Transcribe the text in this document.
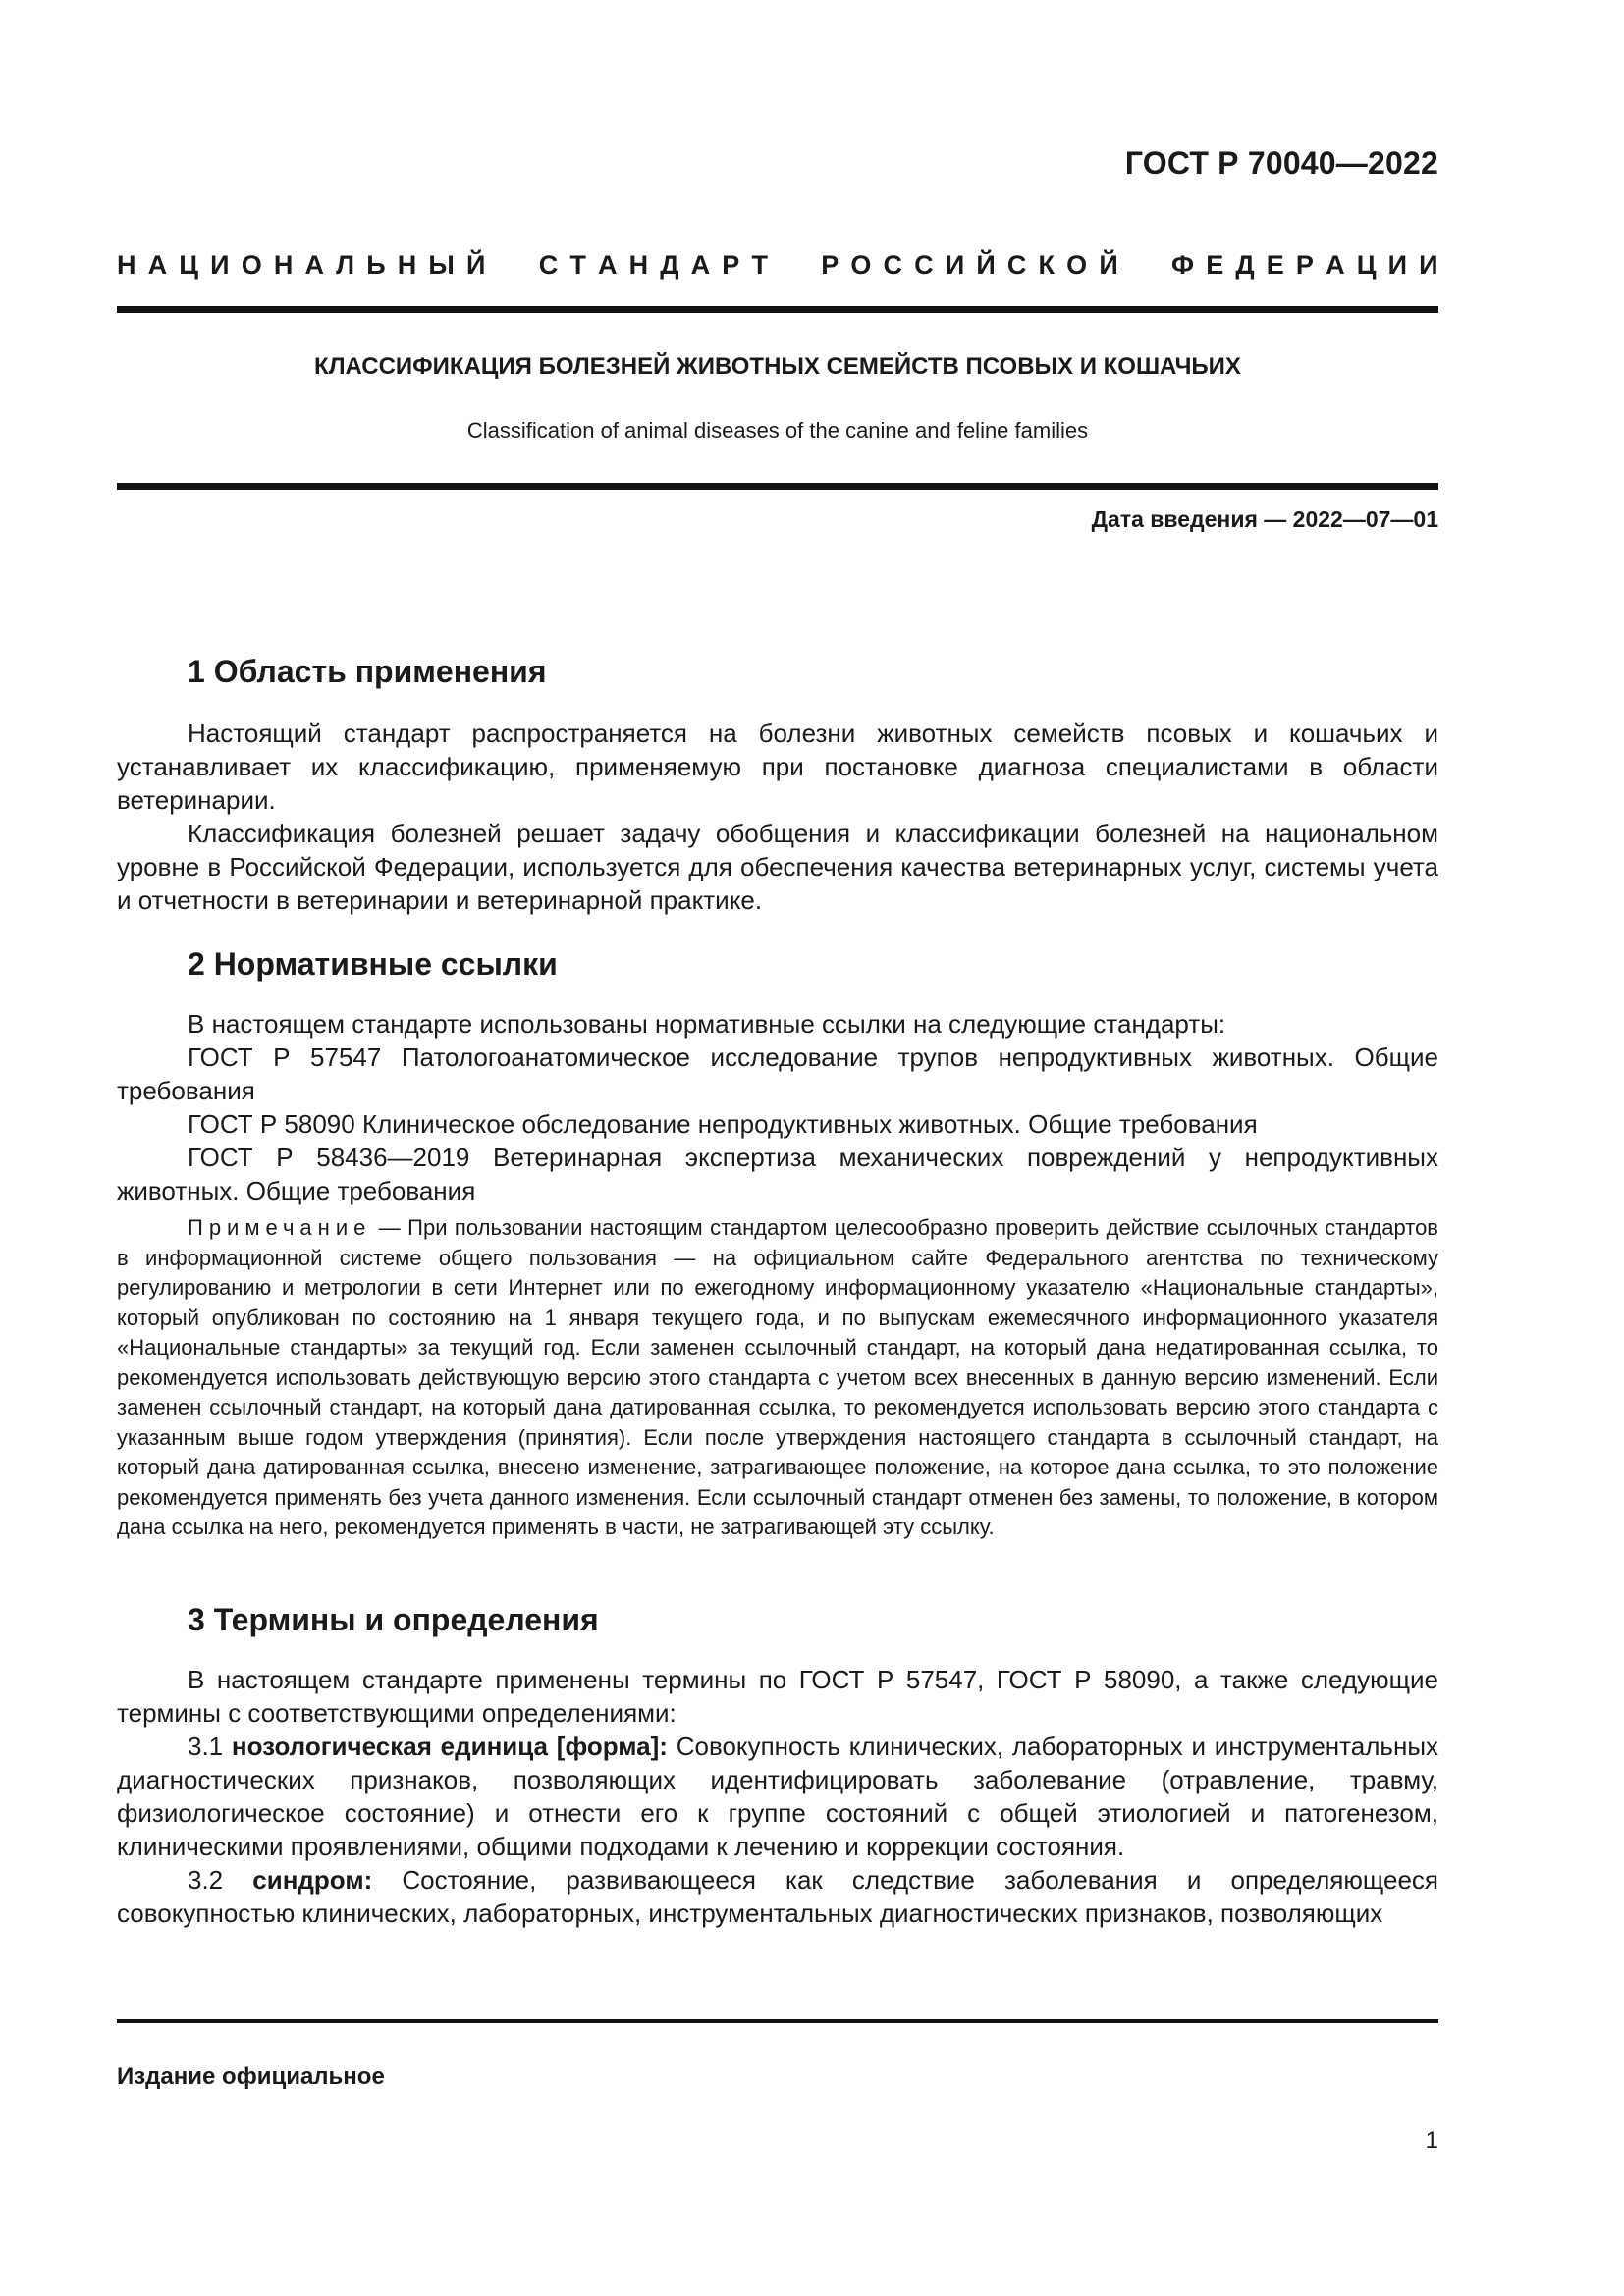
ГОСТ Р 70040—2022
Н А Ц И О Н А Л Ь Н Ы Й С Т А Н Д А Р Т Р О С С И Й С К О Й Ф Е Д Е Р А Ц И И
КЛАССИФИКАЦИЯ БОЛЕЗНЕЙ ЖИВОТНЫХ СЕМЕЙСТВ ПСОВЫХ И КОШАЧЬИХ
Classification of animal diseases of the canine and feline families
Дата введения — 2022—07—01
1 Область применения

Настоящий стандарт распространяется на болезни животных семейств псовых и кошачьих и устанавливает их классификацию, применяемую при постановке диагноза специалистами в области ветеринарии.

Классификация болезней решает задачу обобщения и классификации болезней на национальном уровне в Российской Федерации, используется для обеспечения качества ветеринарных услуг, системы учета и отчетности в ветеринарии и ветеринарной практике.

2 Нормативные ссылки

В настоящем стандарте использованы нормативные ссылки на следующие стандарты:

ГОСТ Р 57547 Патологоанатомическое исследование трупов непродуктивных животных. Общие требования

ГОСТ Р 58090 Клиническое обследование непродуктивных животных. Общие требования

ГОСТ Р 58436—2019 Ветеринарная экспертиза механических повреждений у непродуктивных животных. Общие требования

Примечание — При пользовании настоящим стандартом целесообразно проверить действие ссылочных стандартов в информационной системе общего пользования — на официальном сайте Федерального агентства по техническому регулированию и метрологии в сети Интернет или по ежегодному информационному указателю «Национальные стандарты», который опубликован по состоянию на 1 января текущего года, и по выпускам ежемесячного информационного указателя «Национальные стандарты» за текущий год. Если заменен ссылочный стандарт, на который дана недатированная ссылка, то рекомендуется использовать действующую версию этого стандарта с учетом всех внесенных в данную версию изменений. Если заменен ссылочный стандарт, на который дана датированная ссылка, то рекомендуется использовать версию этого стандарта с указанным выше годом утверждения (принятия). Если после утверждения настоящего стандарта в ссылочный стандарт, на который дана датированная ссылка, внесено изменение, затрагивающее положение, на которое дана ссылка, то это положение рекомендуется применять без учета данного изменения. Если ссылочный стандарт отменен без замены, то положение, в котором дана ссылка на него, рекомендуется применять в части, не затрагивающей эту ссылку.

3 Термины и определения

В настоящем стандарте применены термины по ГОСТ Р 57547, ГОСТ Р 58090, а также следующие термины с соответствующими определениями:

3.1 нозологическая единица [форма]: Совокупность клинических, лабораторных и инструментальных диагностических признаков, позволяющих идентифицировать заболевание (отравление, травму, физиологическое состояние) и отнести его к группе состояний с общей этиологией и патогенезом, клиническими проявлениями, общими подходами к лечению и коррекции состояния.

3.2 синдром: Состояние, развивающееся как следствие заболевания и определяющееся совокупностью клинических, лабораторных, инструментальных диагностических признаков, позволяющих

Издание официальное
1
